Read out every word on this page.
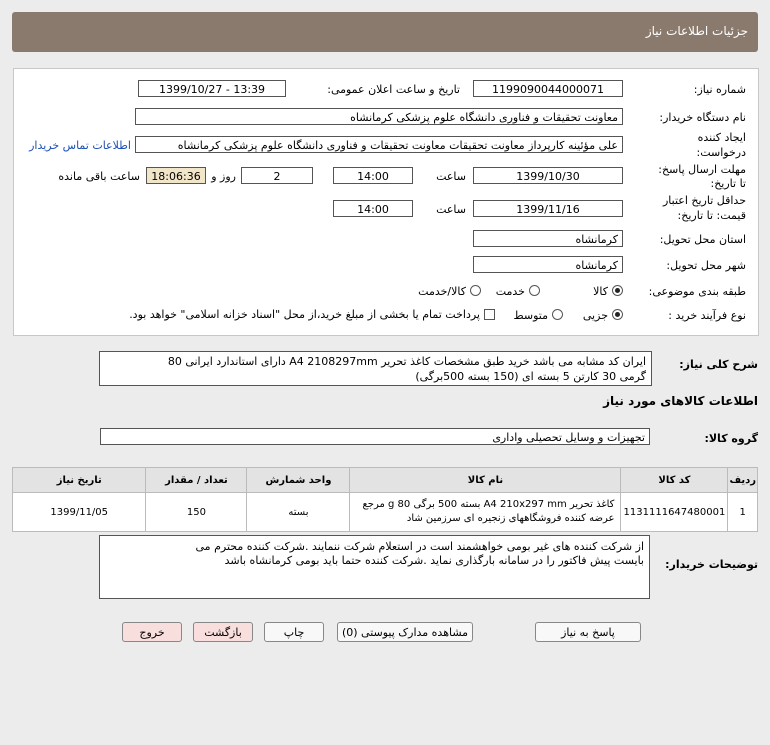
جزئیات اطلاعات نیاز
شماره نیاز:
1199090044000071
تاریخ و ساعت اعلان عمومی:
1399/10/27 - 13:39
نام دستگاه خریدار:
معاونت تحقیقات و فناوری دانشگاه علوم پزشکی کرمانشاه
ایجاد کننده
درخواست:
علی مؤئینه کارپرداز معاونت تحقیقات معاونت تحقیقات و فناوری دانشگاه علوم پزشکی کرمانشاه
اطلاعات تماس خریدار
مهلت ارسال پاسخ:
تا تاریخ:
1399/10/30
ساعت
14:00
2
روز و
18:06:36
ساعت باقی مانده
حداقل تاریخ اعتبار
قیمت: تا تاریخ:
1399/11/16
ساعت
14:00
استان محل تحویل:
کرمانشاه
شهر محل تحویل:
کرمانشاه
طبقه بندی موضوعی:
کالا
خدمت
کالا/خدمت
نوع فرآیند خرید :
جزیی
متوسط
پرداخت تمام یا بخشی از مبلغ خرید،از محل "اسناد خزانه اسلامی" خواهد بود.
شرح کلی نیاز:
ایران کد مشابه می باشد خرید طبق مشخصات کاغذ تحریر A4 2108297mm دارای استاندارد ایرانی 80
گرمی 30 کارتن 5 بسته ای (150 بسته 500برگی)
اطلاعات کالاهای مورد نیاز
گروه کالا:
تجهیزات و وسایل تحصیلی واداری
ردیف	کد کالا	نام کالا	واحد شمارش	تعداد / مقدار	تاریخ نیاز
1	1131111647480001	کاغذ تحریر A4 210x297 mm بسته 500 برگی 80 g مرجع
عرضه کننده فروشگاههای زنجیره ای سرزمین شاد	بسته	150	1399/11/05
توضیحات خریدار:
از شرکت کننده های غیر بومی خواهشمند است در استعلام شرکت ننمایند .شرکت کننده محترم می
بایست پیش فاکتور را در سامانه بارگذاری نماید .شرکت کننده حتما باید بومی کرمانشاه باشد
پاسخ به نیاز
مشاهده مدارک پیوستی (0)
چاپ
بازگشت
خروج
